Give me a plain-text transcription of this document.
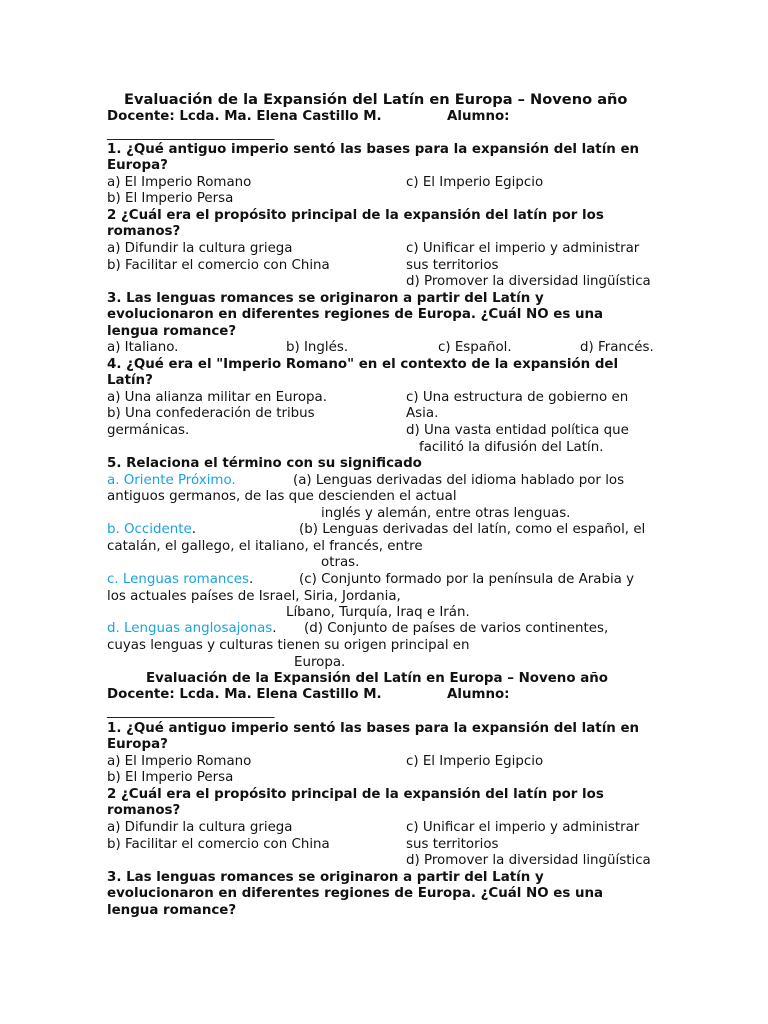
Evaluación de la Expansión del Latín en Europa – Noveno año
Docente: Lcda. Ma. Elena Castillo M.	Alumno:
_________________________
1. ¿Qué antiguo imperio sentó las bases para la expansión del latín en
Europa?
a) El Imperio Romano	c) El Imperio Egipcio
b) El Imperio Persa
2 ¿Cuál era el propósito principal de la expansión del latín por los
romanos?
a) Difundir la cultura griega	c) Unificar el imperio y administrar
b) Facilitar el comercio con China	sus territorios
d) Promover la diversidad lingüística
3. Las lenguas romances se originaron a partir del Latín y
evolucionaron en diferentes regiones de Europa. ¿Cuál NO es una
lengua romance?
a) Italiano.	b) Inglés.	c) Español.	d) Francés.
4. ¿Qué era el "Imperio Romano" en el contexto de la expansión del
Latín?
a) Una alianza militar en Europa.	c) Una estructura de gobierno en
b) Una confederación de tribus	Asia.
germánicas.	d) Una vasta entidad política que
facilitó la difusión del Latín.
5. Relaciona el término con su significado
a. Oriente Próximo.	(a) Lenguas derivadas del idioma hablado por los
antiguos germanos, de las que descienden el actual
inglés y alemán, entre otras lenguas.
b. Occidente.	(b) Lenguas derivadas del latín, como el español, el
catalán, el gallego, el italiano, el francés, entre
otras.
c. Lenguas romances.	(c) Conjunto formado por la península de Arabia y
los actuales países de Israel, Siria, Jordania,
Líbano, Turquía, Iraq e Irán.
d. Lenguas anglosajonas. (d) Conjunto de países de varios continentes,
cuyas lenguas y culturas tienen su origen principal en
Europa.
Evaluación de la Expansión del Latín en Europa – Noveno año
Docente: Lcda. Ma. Elena Castillo M.	Alumno:
_________________________
1. ¿Qué antiguo imperio sentó las bases para la expansión del latín en
Europa?
a) El Imperio Romano	c) El Imperio Egipcio
b) El Imperio Persa
2 ¿Cuál era el propósito principal de la expansión del latín por los
romanos?
a) Difundir la cultura griega	c) Unificar el imperio y administrar
b) Facilitar el comercio con China	sus territorios
d) Promover la diversidad lingüística
3. Las lenguas romances se originaron a partir del Latín y
evolucionaron en diferentes regiones de Europa. ¿Cuál NO es una
lengua romance?
